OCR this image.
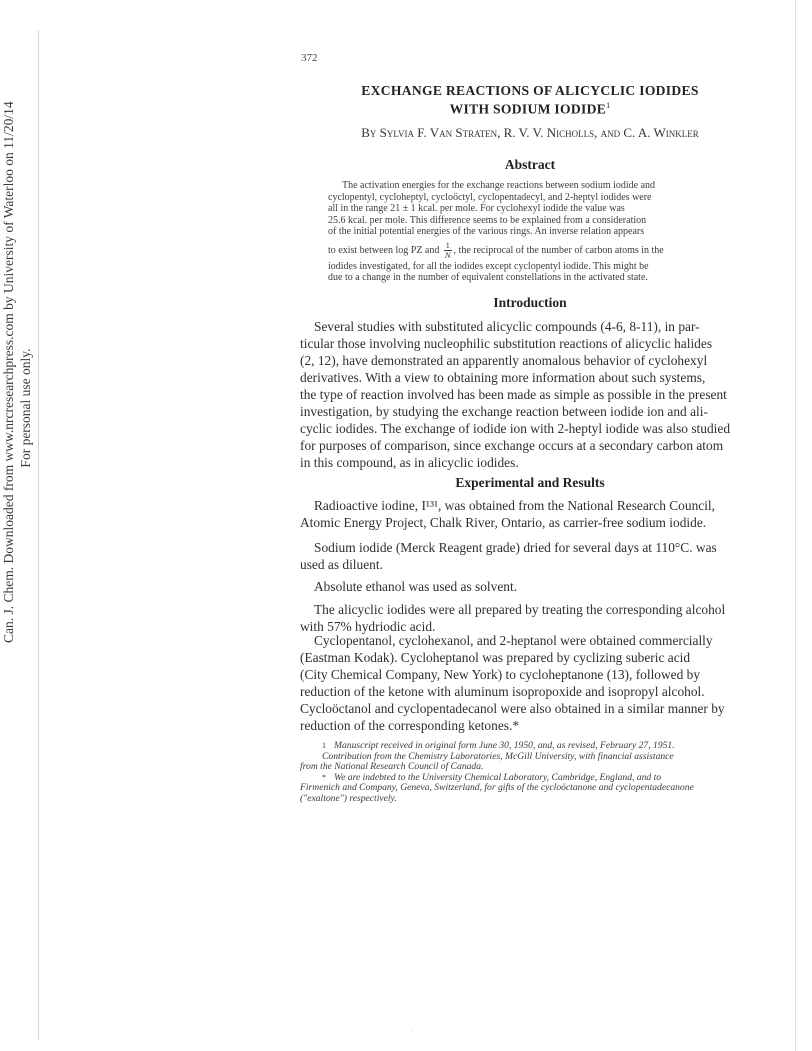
Can. J. Chem. Downloaded from www.nrcresearchpress.com by University of Waterloo on 11/20/14 For personal use only.
372
EXCHANGE REACTIONS OF ALICYCLIC IODIDES
WITH SODIUM IODIDE$^1$
By Sylvia F. Van Straten, R. V. V. Nicholls, and C. A. Winkler
Abstract
The activation energies for the exchange reactions between sodium iodide and
cyclopentyl, cycloheptyl, cycloöctyl, cyclopentadecyl, and 2-heptyl iodides were
all in the range 21 ± 1 kcal. per mole. For cyclohexyl iodide the value was
25.6 kcal. per mole. This difference seems to be explained from a consideration
of the initial potential energies of the various rings. An inverse relation appears
to exist between log PZ and $\frac{1}{N}$ , the reciprocal of the number of carbon atoms in the
iodides investigated, for all the iodides except cyclopentyl iodide. This might be
due to a change in the number of equivalent constellations in the activated state.
Introduction
Several studies with substituted alicyclic compounds (4-6, 8-11), in par-
ticular those involving nucleophilic substitution reactions of alicyclic halides
(2, 12), have demonstrated an apparently anomalous behavior of cyclohexyl
derivatives. With a view to obtaining more information about such systems,
the type of reaction involved has been made as simple as possible in the present
investigation, by studying the exchange reaction between iodide ion and ali-
cyclic iodides. The exchange of iodide ion with 2-heptyl iodide was also studied
for purposes of comparison, since exchange occurs at a secondary carbon atom
in this compound, as in alicyclic iodides.
Experimental and Results
Radioactive iodine, I¹³¹, was obtained from the National Research Council,
Atomic Energy Project, Chalk River, Ontario, as carrier-free sodium iodide.
Sodium iodide (Merck Reagent grade) dried for several days at 110°C. was
used as diluent.
Absolute ethanol was used as solvent.
The alicyclic iodides were all prepared by treating the corresponding alcohol
with 57% hydriodic acid.
Cyclopentanol, cyclohexanol, and 2-heptanol were obtained commercially
(Eastman Kodak). Cycloheptanol was prepared by cyclizing suberic acid
(City Chemical Company, New York) to cycloheptanone (13), followed by
reduction of the ketone with aluminum isopropoxide and isopropyl alcohol.
Cycloöctanol and cyclopentadecanol were also obtained in a similar manner by
reduction of the corresponding ketones.*
1 Manuscript received in original form June 30, 1950, and, as revised, February 27, 1951.
Contribution from the Chemistry Laboratories, McGill University, with financial assistance
from the National Research Council of Canada.
* We are indebted to the University Chemical Laboratory, Cambridge, England, and to
Firmenich and Company, Geneva, Switzerland, for gifts of the cycloöctanone and cyclopentadecanone
("exaltone") respectively.
·
